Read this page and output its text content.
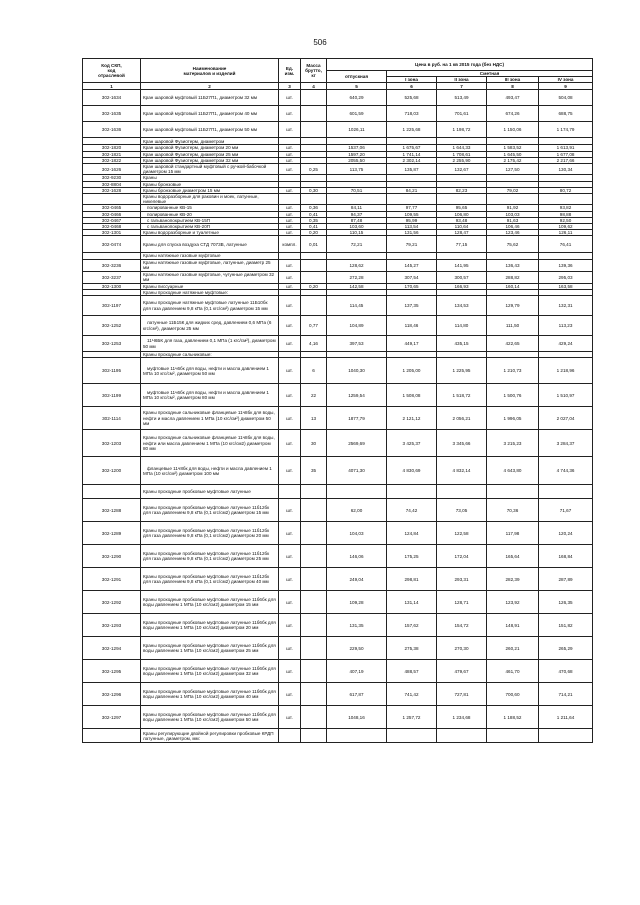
506
Код СКП,
код
отраслевой	Наименование
материалов и изделий	Ед.
изм.	Масса
брутто,
кг	Цена в руб. на 1 кв 2015 года (без НДС)				
				отпускная	Сметная			
					I зона	II зона	III зона	IV зона
1	2	3	4	5	6	7	8	9
302-1634	Кран шаровой муфтовый 11Б27П1, диаметром 32 мм	шт.		640,29	525,68	513,49	493,47	504,08
302-1635	Кран шаровой муфтовый 11Б27П1, диаметром 40 мм	шт.		601,59	718,03	701,61	674,26	688,75
302-1636	Кран шаровой муфтовый 11Б27П1, диаметром 50 мм	шт.		1026,11	1 225,68	1 198,72	1 150,06	1 174,79
	Кран шаровой Фузиотерм, диаметром							
302-1820	Кран шаровой Фузиотерм, диаметром 20 мм	шт.		1537,06	1 675,67	1 644,33	1 583,52	1 613,91
302-1821	Кран шаровой Фузиотерм, диаметром 25 мм	шт.		1597,20	1 741,14	1 708,61	1 645,50	1 677,08
302-1822	Кран шаровой Фузиотерм, диаметром 32 мм	шт.		2055,50	2 302,14	2 255,90	2 175,42	2 217,66
302-1626	Кран шаровой стандартный муфтовый с ручкой-бабочкой диаметром 15 мм	шт.	0,25	113,75	135,87	132,67	127,50	130,34
302-9230	Краны							
302-8804	Краны бронзовые							
302-1628	Краны бронзовые диаметром 15 мм	шт.	0,30	70,51	84,21	82,23	79,02	80,72
	Краны водоразборные для раковин и моек, латунные, никелевые							
302-0465	полированные КВ-15	шт.	0,36	84,11	97,77	95,65	91,92	93,82
302-0466	полированные КВ-20	шт.	0,41	94,37	109,55	106,80	103,03	98,88
302-0467	с гальванопокрытием КВ-15П	шт.	0,35	87,48	95,99	93,48	91,63	92,50
302-0468	с гальванопокрытием КВ-20П	шт.	0,41	103,60	113,54	110,64	106,46	109,62
302-1301	Краны водоразборные и туалетные	шт.	0,20	110,15	131,56	128,47	123,46	126,11
302-0474	Краны для спуска воздуха СТД 7073В, латунные	компл.	0,01	72,21	79,21	77,15	75,62	76,41
	Краны натяжные газовые муфтовые							
302-3236	Краны натяжные газовые муфтовые, латунные, диаметр 25 мм	шт.		128,62	145,27	141,95	136,43	139,36
302-3237	Краны натяжные газовые муфтовые, чугунные диаметром 32 мм	шт.		272,28	307,54	300,57	288,82	295,03
302-1300	Краны писсуарные	шт.	0,20	142,58	170,65	166,93	160,14	163,58
	Краны проходные натяжные муфтовые:							
302-1197	Краны проходные натяжные муфтовые латунные 11Б10бк для газа давлением 9,8 кПа (0,1 кгс/см²) диаметром 15 мм	шт.		114,45	137,35	134,53	129,79	132,31
302-1252	латунные 11Б15К для жидких сред, давлением 0,6 МПа (6 кгс/см²), диаметром 25 мм	шт.	0,77	104,89	118,46	114,80	111,50	113,23
302-1253	11Ч6БК для газа, давлением 0,1 МПа (1 кгс/см²), диаметром 50 мм	шт.	4,16	397,53	449,17	435,15	422,65	429,24
	Краны проходные сальниковые:							
302-1195	муфтовые 11ч6бк для воды, нефти и масла давлением 1 МПа 10 кгс/см², диаметром 50 мм	шт.	6	1040,30	1 205,00	1 225,95	1 210,73	1 218,96
302-1199	муфтовые 11ч6бк для воды, нефти и масла давлением 1 МПа 10 кгс/см², диаметром 80 мм	шт.	22	1259,54	1 508,08	1 518,72	1 500,76	1 510,97
302-1114	Краны проходные сальниковые фланцевые 11ч8бк для воды, нефти и масла давлением 1 МПа (10 кгс/см²) диаметром 50 мм	шт.	13	1877,79	2 121,12	2 056,21	1 996,05	2 027,04
302-1203	Краны проходные сальниковые фланцевые 11ч8бк для воды, нефти или масла давлением 1 МПа (10 кгс/см2) диаметром 80 мм	шт.	30	2569,69	3 425,37	3 345,66	3 215,23	3 284,37
302-1200	фланцевые 11ч8бк для воды, нефти и масла давлением 1 МПа (10 кгс/см²) диаметром 100 мм	шт.	35	4071,30	4 830,69	4 832,14	4 643,80	4 744,36
	Краны проходные пробковые муфтовые латунные							
302-1288	Краны проходные пробковые муфтовые латунные 11б12бк для газа давлением 9,8 кПа (0,1 кгс/см2) диаметром 15 мм	шт.		62,00	74,42	73,05	70,36	71,67
302-1289	Краны проходные пробковые муфтовые латунные 11б12бк для газа давлением 9,8 кПа (0,1 кгс/см2) диаметром 20 мм	шт.		104,03	124,84	122,58	117,98	120,24
302-1290	Краны проходные пробковые муфтовые латунные 11б12бк для газа давлением 9,8 кПа (0,1 кгс/см2) диаметром 25 мм	шт.		146,06	175,25	172,04	165,64	168,84
302-1291	Краны проходные пробковые муфтовые латунные 11б12бк для газа давлением 9,8 кПа (0,1 кгс/см2) диаметром 40 мм	шт.		249,04	298,81	293,31	282,39	287,89
302-1292	Краны проходные пробковые муфтовые латунные 11б6бк для воды давлением 1 МПа (10 кгс/см2) диаметром 15 мм	шт.		109,28	131,14	128,71	123,92	126,35
302-1293	Краны проходные пробковые муфтовые латунные 11б6бк для воды давлением 1 МПа (10 кгс/см2) диаметром 20 мм	шт.		131,35	157,62	154,72	148,91	151,82
302-1294	Краны проходные пробковые муфтовые латунные 11б6бк для воды давлением 1 МПа (10 кгс/см2) диаметром 25 мм	шт.		229,50	275,38	270,30	260,21	265,29
302-1295	Краны проходные пробковые муфтовые латунные 11б6бк для воды давлением 1 МПа (10 кгс/см2) диаметром 32 мм	шт.		407,19	488,57	479,67	461,70	470,68
302-1296	Краны проходные пробковые муфтовые латунные 11б6бк для воды давлением 1 МПа (10 кгс/см2) диаметром 40 мм	шт.		617,87	741,42	727,81	700,60	714,21
302-1297	Краны проходные пробковые муфтовые латунные 11б6бк для воды давлением 1 МПа (10 кгс/см2) диаметром 50 мм	шт.		1048,16	1 257,72	1 234,68	1 188,52	1 211,64
	Краны регулирующие двойной регулировки пробковые КРДП латунные, диаметром, мм:							
